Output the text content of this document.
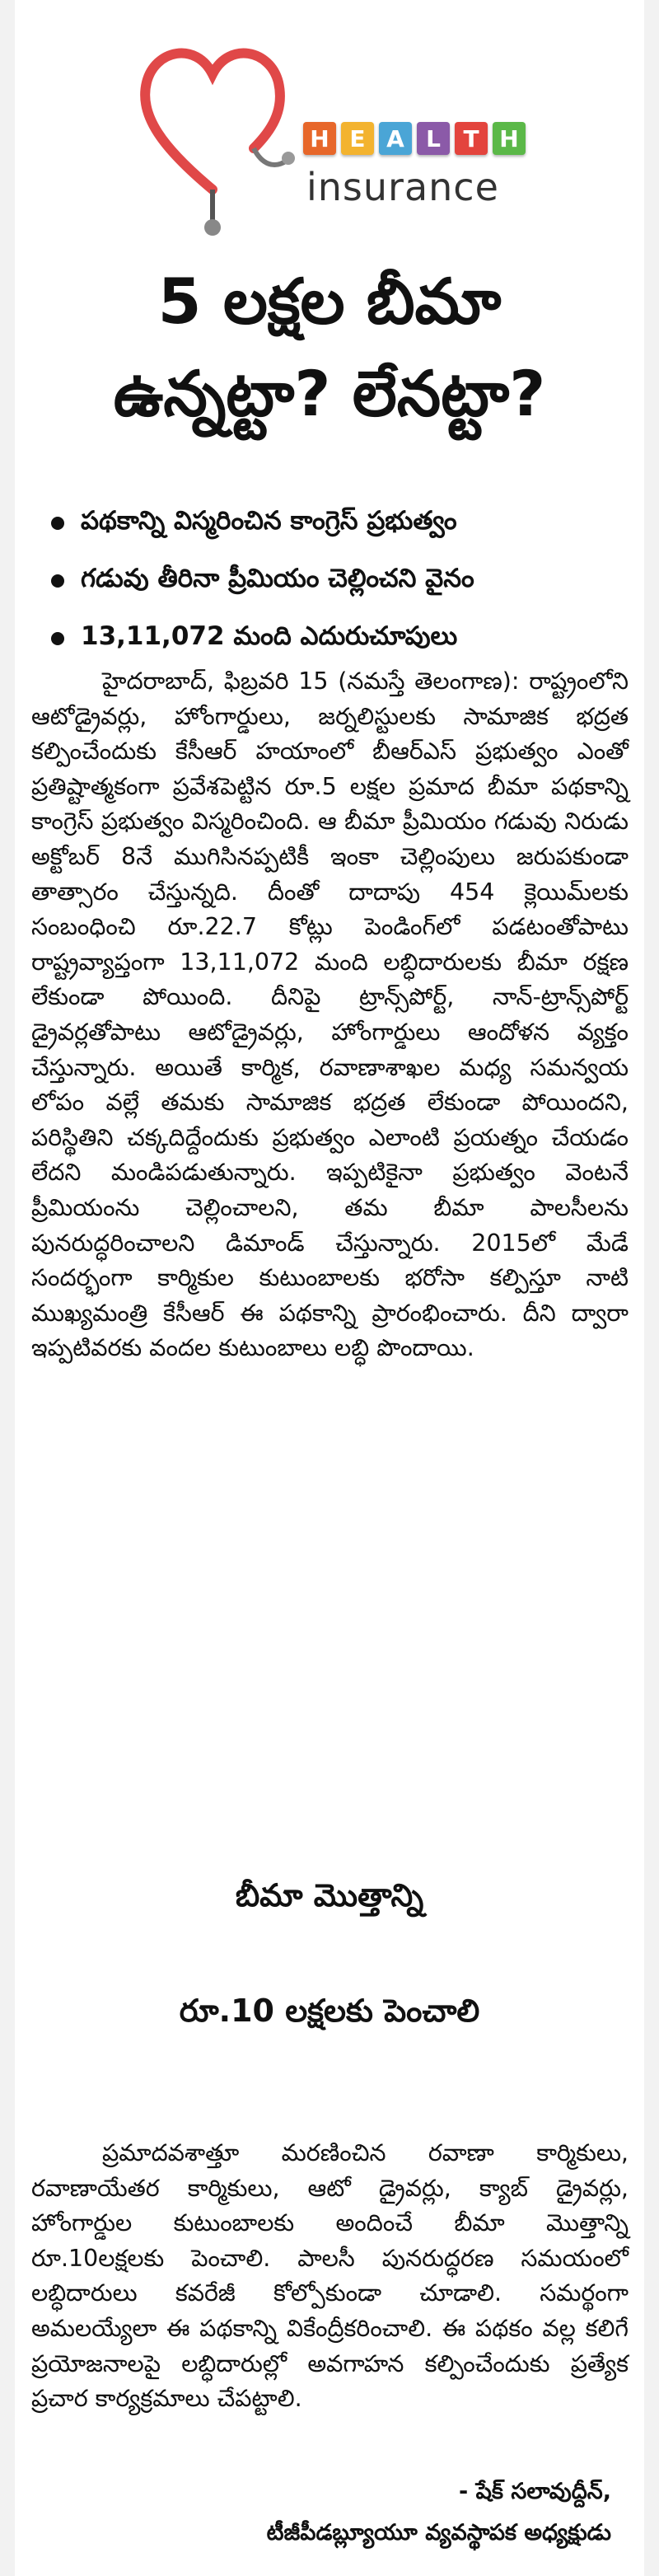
H E A L T H
insurance
5 లక్షల బీమా
ఉన్నట్టా? లేనట్టా?
పథకాన్ని విస్మరించిన కాంగ్రెస్ ప్రభుత్వం
గడువు తీరినా ప్రీమియం చెల్లించని వైనం
13,11,072 మంది ఎదురుచూపులు
హైదరాబాద్, ఫిబ్రవరి 15 (నమస్తే తెలంగాణ): రాష్ట్రంలోని ఆటోడ్రైవర్లు, హోంగార్డులు, జర్నలిస్టులకు సామాజిక భద్రత కల్పించేందుకు కేసీఆర్ హయాంలో బీఆర్ఎస్ ప్రభుత్వం ఎంతో ప్రతిష్టాత్మకంగా ప్రవేశపెట్టిన రూ.5 లక్షల ప్రమాద బీమా పథకాన్ని కాంగ్రెస్ ప్రభుత్వం విస్మరించింది. ఆ బీమా ప్రీమియం గడువు నిరుడు అక్టోబర్ 8నే ముగిసినప్పటికీ ఇంకా చెల్లింపులు జరుపకుండా తాత్సారం చేస్తున్నది. దీంతో దాదాపు 454 క్లెయిమ్‌లకు సంబంధించి రూ.22.7 కోట్లు పెండింగ్‌లో పడటంతోపాటు రాష్ట్రవ్యాప్తంగా 13,11,072 మంది లబ్ధిదారులకు బీమా రక్షణ లేకుండా పోయింది. దీనిపై ట్రాన్స్‌పోర్ట్, నాన్-ట్రాన్స్‌పోర్ట్ డ్రైవర్లతోపాటు ఆటోడ్రైవర్లు, హోంగార్డులు ఆందోళన వ్యక్తం చేస్తున్నారు. అయితే కార్మిక, రవాణాశాఖల మధ్య సమన్వయ లోపం వల్లే తమకు సామాజిక భద్రత లేకుండా పోయిందని, పరిస్థితిని చక్కదిద్దేందుకు ప్రభుత్వం ఎలాంటి ప్రయత్నం చేయడం లేదని మండిపడుతున్నారు. ఇప్పటికైనా ప్రభుత్వం వెంటనే ప్రీమియంను చెల్లించాలని, తమ బీమా పాలసీలను పునరుద్ధరించాలని డిమాండ్ చేస్తున్నారు. 2015లో మేడే సందర్భంగా కార్మికుల కుటుంబాలకు భరోసా కల్పిస్తూ నాటి ముఖ్యమంత్రి కేసీఆర్ ఈ పథకాన్ని ప్రారంభించారు. దీని ద్వారా ఇప్పటివరకు వందల కుటుంబాలు లబ్ధి పొందాయి.
బీమా మొత్తాన్ని
రూ.10 లక్షలకు పెంచాలి
ప్రమాదవశాత్తూ మరణించిన రవాణా కార్మికులు, రవాణాయేతర కార్మికులు, ఆటో డ్రైవర్లు, క్యాబ్ డ్రైవర్లు, హోంగార్డుల కుటుంబాలకు అందించే బీమా మొత్తాన్ని రూ.10లక్షలకు పెంచాలి. పాలసీ పునరుద్ధరణ సమయంలో లబ్ధిదారులు కవరేజీ కోల్పోకుండా చూడాలి. సమర్థంగా అమలయ్యేలా ఈ పథకాన్ని వికేంద్రీకరించాలి. ఈ పథకం వల్ల కలిగే ప్రయోజనాలపై లబ్ధిదారుల్లో అవగాహన కల్పించేందుకు ప్రత్యేక ప్రచార కార్యక్రమాలు చేపట్టాలి.
- షేక్ సలావుద్దీన్,
టీజీపీడబ్ల్యూయూ వ్యవస్థాపక అధ్యక్షుడు
